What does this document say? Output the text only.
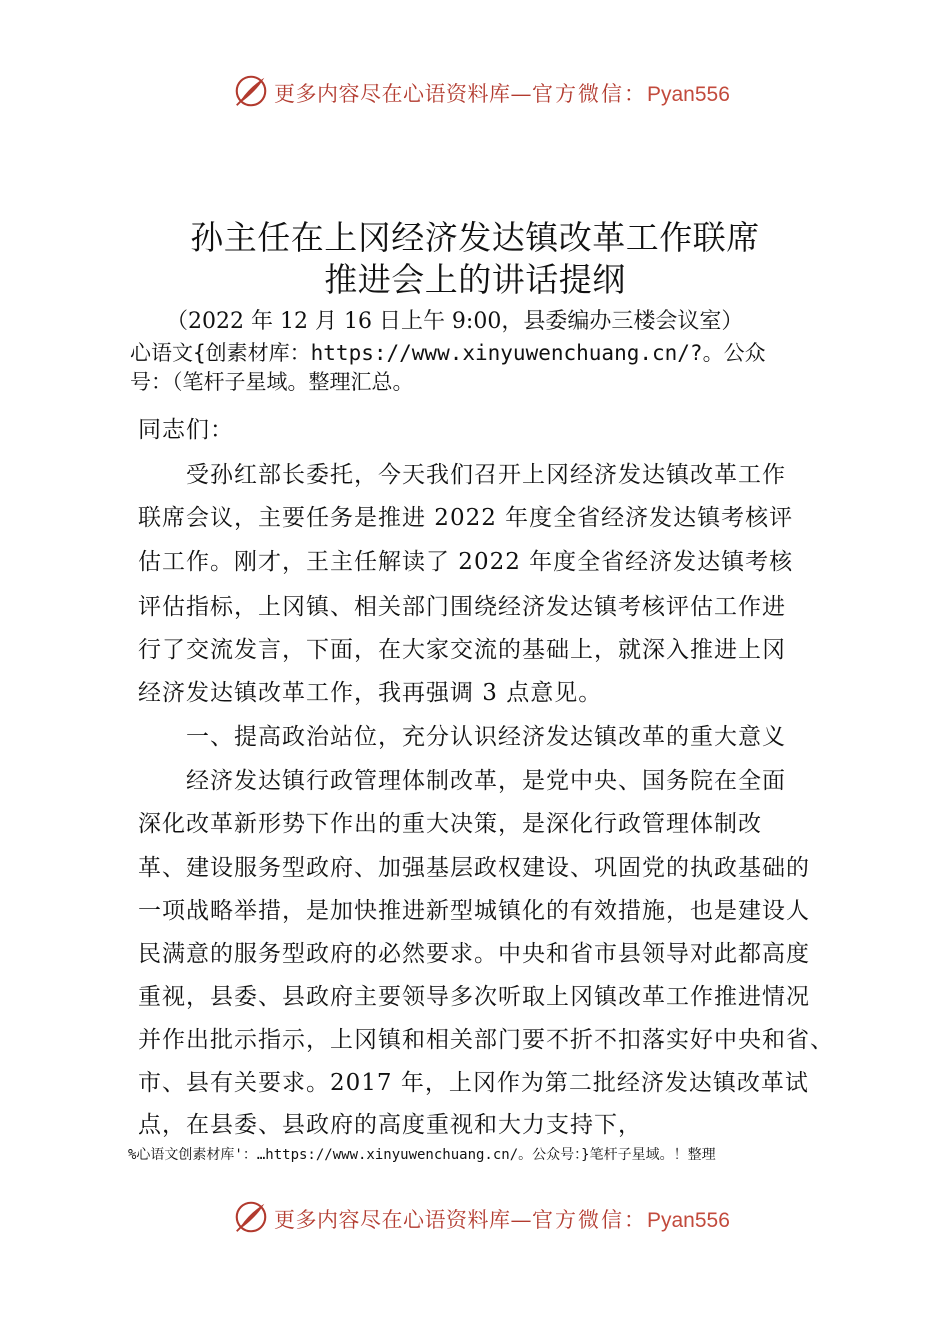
更多内容尽在心语资料库—官方微信：Pyan556
孙主任在上冈经济发达镇改革工作联席
推进会上的讲话提纲
（2022 年 12 月 16 日上午 9:00，县委编办三楼会议室）
心语文{创素材库：https://www.xinyuwenchuang.cn/?。公众
号：（笔杆子星域。整理汇总。
同志们：
受孙红部长委托，今天我们召开上冈经济发达镇改革工作
联席会议，主要任务是推进 2022 年度全省经济发达镇考核评
估工作。刚才，王主任解读了 2022 年度全省经济发达镇考核
评估指标，上冈镇、相关部门围绕经济发达镇考核评估工作进
行了交流发言，下面，在大家交流的基础上，就深入推进上冈
经济发达镇改革工作，我再强调 3 点意见。
一、提高政治站位，充分认识经济发达镇改革的重大意义
经济发达镇行政管理体制改革，是党中央、国务院在全面
深化改革新形势下作出的重大决策，是深化行政管理体制改
革、建设服务型政府、加强基层政权建设、巩固党的执政基础的
一项战略举措，是加快推进新型城镇化的有效措施，也是建设人
民满意的服务型政府的必然要求。中央和省市县领导对此都高度
重视，县委、县政府主要领导多次听取上冈镇改革工作推进情况
并作出批示指示，上冈镇和相关部门要不折不扣落实好中央和省、
市、县有关要求。2017 年，上冈作为第二批经济发达镇改革试
点，在县委、县政府的高度重视和大力支持下，
%心语文创素材库'：…https://www.xinyuwenchuang.cn/。公众号：}笔杆子星域。！整理
更多内容尽在心语资料库—官方微信：Pyan556
